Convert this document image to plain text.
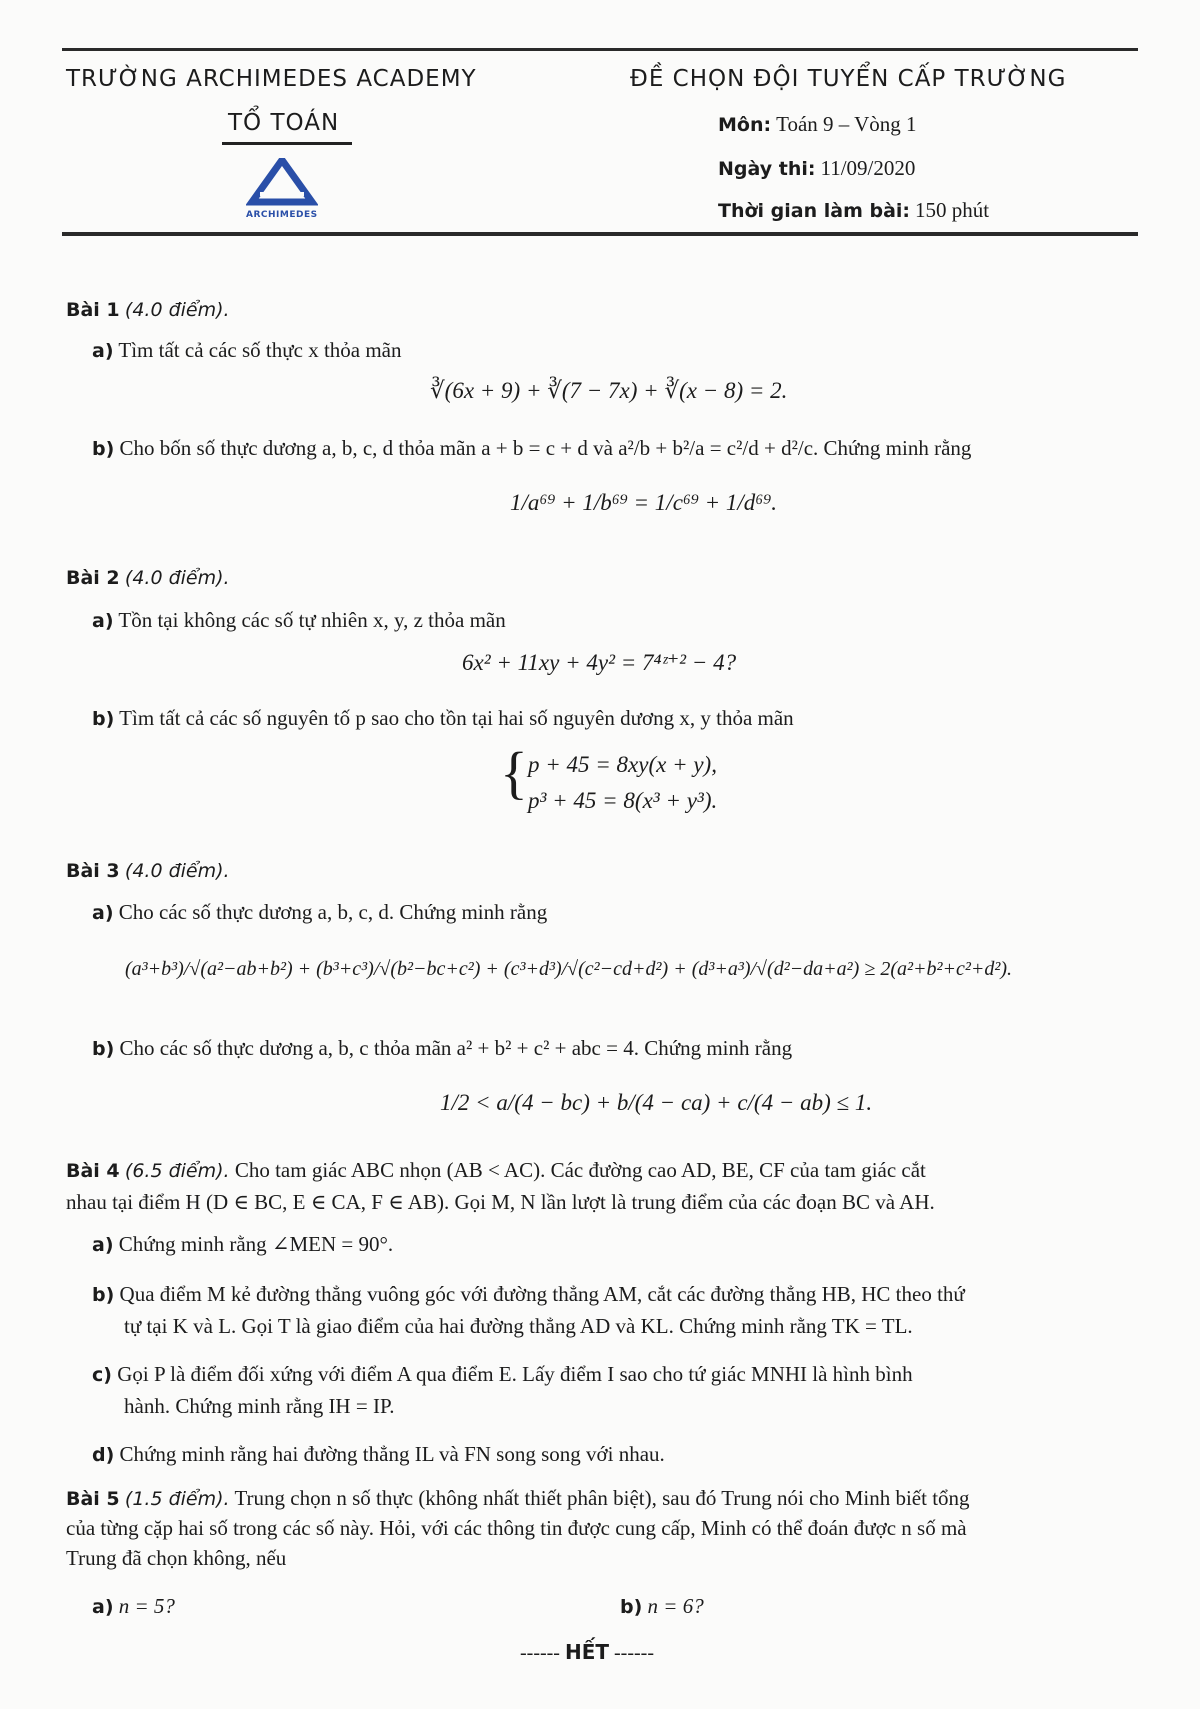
TRƯỜNG ARCHIMEDES ACADEMY
TỔ TOÁN
ARCHIMEDES
ĐỀ CHỌN ĐỘI TUYỂN CẤP TRƯỜNG
Môn: Toán 9 – Vòng 1
Ngày thi: 11/09/2020
Thời gian làm bài: 150 phút
Bài 1 (4.0 điểm).
a) Tìm tất cả các số thực x thỏa mãn
∛(6x + 9) + ∛(7 − 7x) + ∛(x − 8) = 2.
b) Cho bốn số thực dương a, b, c, d thỏa mãn a + b = c + d và a²/b + b²/a = c²/d + d²/c. Chứng minh rằng
1/a⁶⁹ + 1/b⁶⁹ = 1/c⁶⁹ + 1/d⁶⁹.
Bài 2 (4.0 điểm).
a) Tồn tại không các số tự nhiên x, y, z thỏa mãn
6x² + 11xy + 4y² = 7⁴ᶻ⁺² − 4?
b) Tìm tất cả các số nguyên tố p sao cho tồn tại hai số nguyên dương x, y thỏa mãn
{ p + 45 = 8xy(x + y),
p³ + 45 = 8(x³ + y³).
Bài 3 (4.0 điểm).
a) Cho các số thực dương a, b, c, d. Chứng minh rằng
(a³+b³)/√(a²−ab+b²) + (b³+c³)/√(b²−bc+c²) + (c³+d³)/√(c²−cd+d²) + (d³+a³)/√(d²−da+a²) ≥ 2(a²+b²+c²+d²).
b) Cho các số thực dương a, b, c thỏa mãn a² + b² + c² + abc = 4. Chứng minh rằng
1/2 < a/(4 − bc) + b/(4 − ca) + c/(4 − ab) ≤ 1.
Bài 4 (6.5 điểm). Cho tam giác ABC nhọn (AB < AC). Các đường cao AD, BE, CF của tam giác cắt
nhau tại điểm H (D ∈ BC, E ∈ CA, F ∈ AB). Gọi M, N lần lượt là trung điểm của các đoạn BC và AH.
a) Chứng minh rằng ∠MEN = 90°.
b) Qua điểm M kẻ đường thẳng vuông góc với đường thẳng AM, cắt các đường thẳng HB, HC theo thứ
tự tại K và L. Gọi T là giao điểm của hai đường thẳng AD và KL. Chứng minh rằng TK = TL.
c) Gọi P là điểm đối xứng với điểm A qua điểm E. Lấy điểm I sao cho tứ giác MNHI là hình bình
hành. Chứng minh rằng IH = IP.
d) Chứng minh rằng hai đường thẳng IL và FN song song với nhau.
Bài 5 (1.5 điểm). Trung chọn n số thực (không nhất thiết phân biệt), sau đó Trung nói cho Minh biết tổng
của từng cặp hai số trong các số này. Hỏi, với các thông tin được cung cấp, Minh có thể đoán được n số mà
Trung đã chọn không, nếu
a) n = 5?	b) n = 6?
------ HẾT ------
